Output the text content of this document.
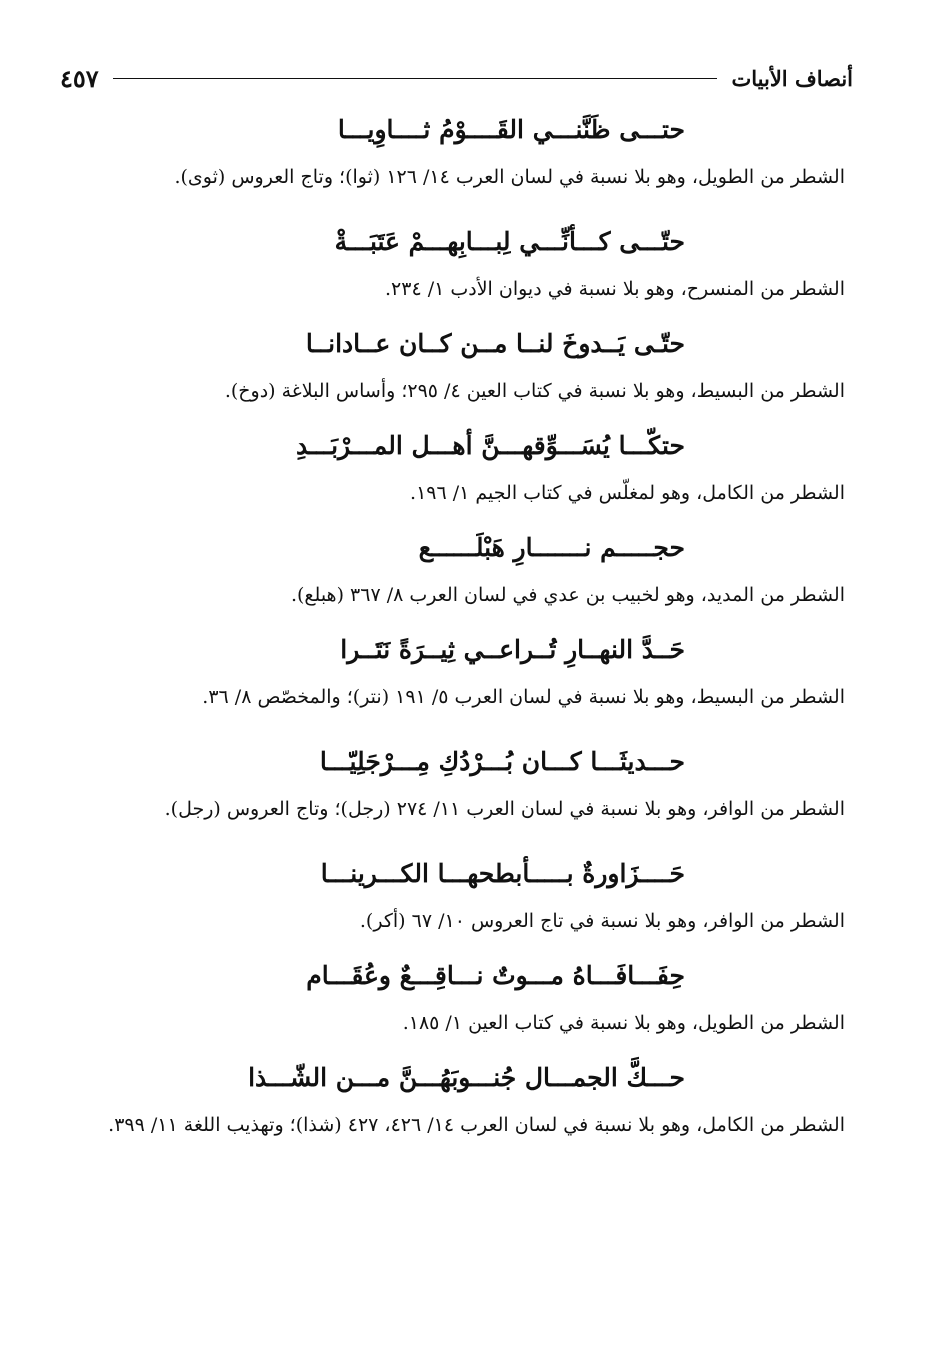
أنصاف الأبيات
٤٥٧

حتـــى ظَنَّنـــي القَــــوْمُ ثــــاوِيـــا

الشطر من الطويل، وهو بلا نسبة في لسان العرب ١٤/ ١٢٦ (ثوا)؛ وتاج العروس (ثوى).

حتّـــى كـــأنِّـــي لِبـــابِهـــمْ عَتَبَـــةْ

الشطر من المنسرح، وهو بلا نسبة في ديوان الأدب ١/ ٢٣٤.

حتّـى يَــدوخَ لنــا مــن كــان عــادانــا

الشطر من البسيط، وهو بلا نسبة في كتاب العين ٤/ ٢٩٥؛ وأساس البلاغة (دوخ).

حتكّـــا يُسَـــوِّقهـــنَّ أهـــل المـــرْبَـــدِ

الشطر من الكامل، وهو لمغلّس في كتاب الجيم ١/ ١٩٦.

حجـــــم نـــــــارِ هَبْلَــــــع

الشطر من المديد، وهو لخبيب بن عدي في لسان العرب ٨/ ٣٦٧ (هبلع).

حَــدَّ النهــارِ تُــراعــي ثِيــرَةً نَتَــرا

الشطر من البسيط، وهو بلا نسبة في لسان العرب ٥/ ١٩١ (نتر)؛ والمخصّص ٨/ ٣٦.

حـــديثَـــا كـــان بُـــرْدُكِ مِـــرْجَلِيّـــا

الشطر من الوافر، وهو بلا نسبة في لسان العرب ١١/ ٢٧٤ (رجل)؛ وتاج العروس (رجل).

حَــــزَاورةٌ بـــــأبطحهـــا الكـــرينـــا

الشطر من الوافر، وهو بلا نسبة في تاج العروس ١٠/ ٦٧ (أكر).

حِفَـــافَـــاهُ مـــوتٌ نـــاقِـــعٌ وعُقَـــام

الشطر من الطويل، وهو بلا نسبة في كتاب العين ١/ ١٨٥.

حـــكَّ الجمـــال جُنـــوبَهُـــنَّ مـــن الشّـــذا

الشطر من الكامل، وهو بلا نسبة في لسان العرب ١٤/ ٤٢٦، ٤٢٧ (شذا)؛ وتهذيب اللغة ١١/ ٣٩٩.
